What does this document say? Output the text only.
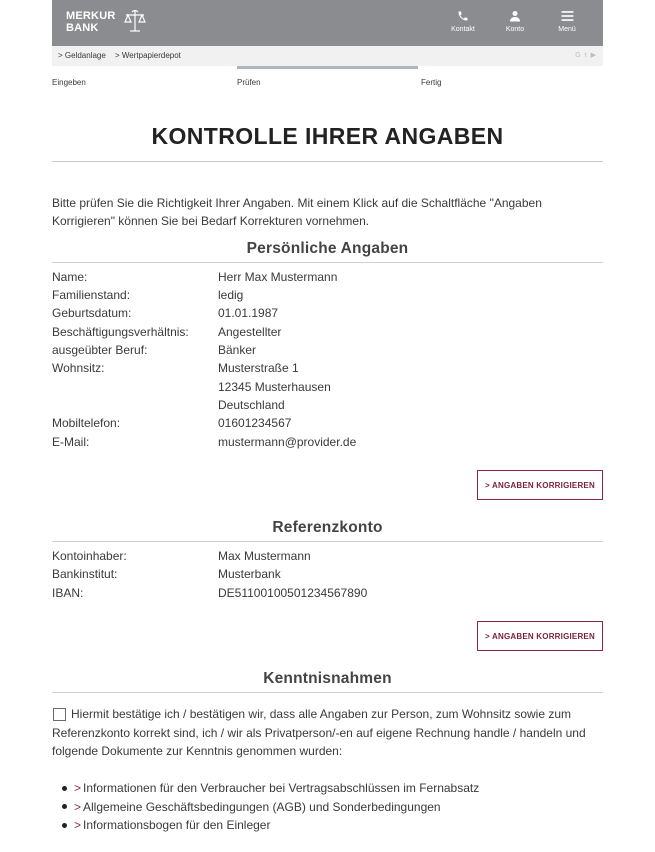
MERKUR
BANK	Kontakt	Konto	Menü
> Geldanlage > Wertpapierdepot	G t ▶
Eingeben	Prüfen	Fertig
KONTROLLE IHRER ANGABEN

Bitte prüfen Sie die Richtigkeit Ihrer Angaben. Mit einem Klick auf die Schaltfläche "Angaben Korrigieren" können Sie bei Bedarf Korrekturen vornehmen.

Persönliche Angaben
Name:	Herr Max Mustermann
Familienstand:	ledig
Geburtsdatum:	01.01.1987
Beschäftigungsverhältnis: Angestellter
ausgeübter Beruf:	Bänker
Wohnsitz:	Musterstraße 1
12345 Musterhausen
Deutschland
Mobiltelefon:	01601234567
E-Mail:	mustermann@provider.de
> ANGABEN KORRIGIEREN
Referenzkonto
Kontoinhaber:	Max Mustermann
Bankinstitut:	Musterbank
IBAN:	DE51100100501234567890
> ANGABEN KORRIGIEREN
Kenntnisnahmen

Hiermit bestätige ich / bestätigen wir, dass alle Angaben zur Person, zum Wohnsitz sowie zum Referenzkonto korrekt sind, ich / wir als Privatperson/-en auf eigene Rechnung handle / handeln und folgende Dokumente zur Kenntnis genommen wurden:

> Informationen für den Verbraucher bei Vertragsabschlüssen im Fernabsatz
> Allgemeine Geschäftsbedingungen (AGB) und Sonderbedingungen
> Informationsbogen für den Einleger
